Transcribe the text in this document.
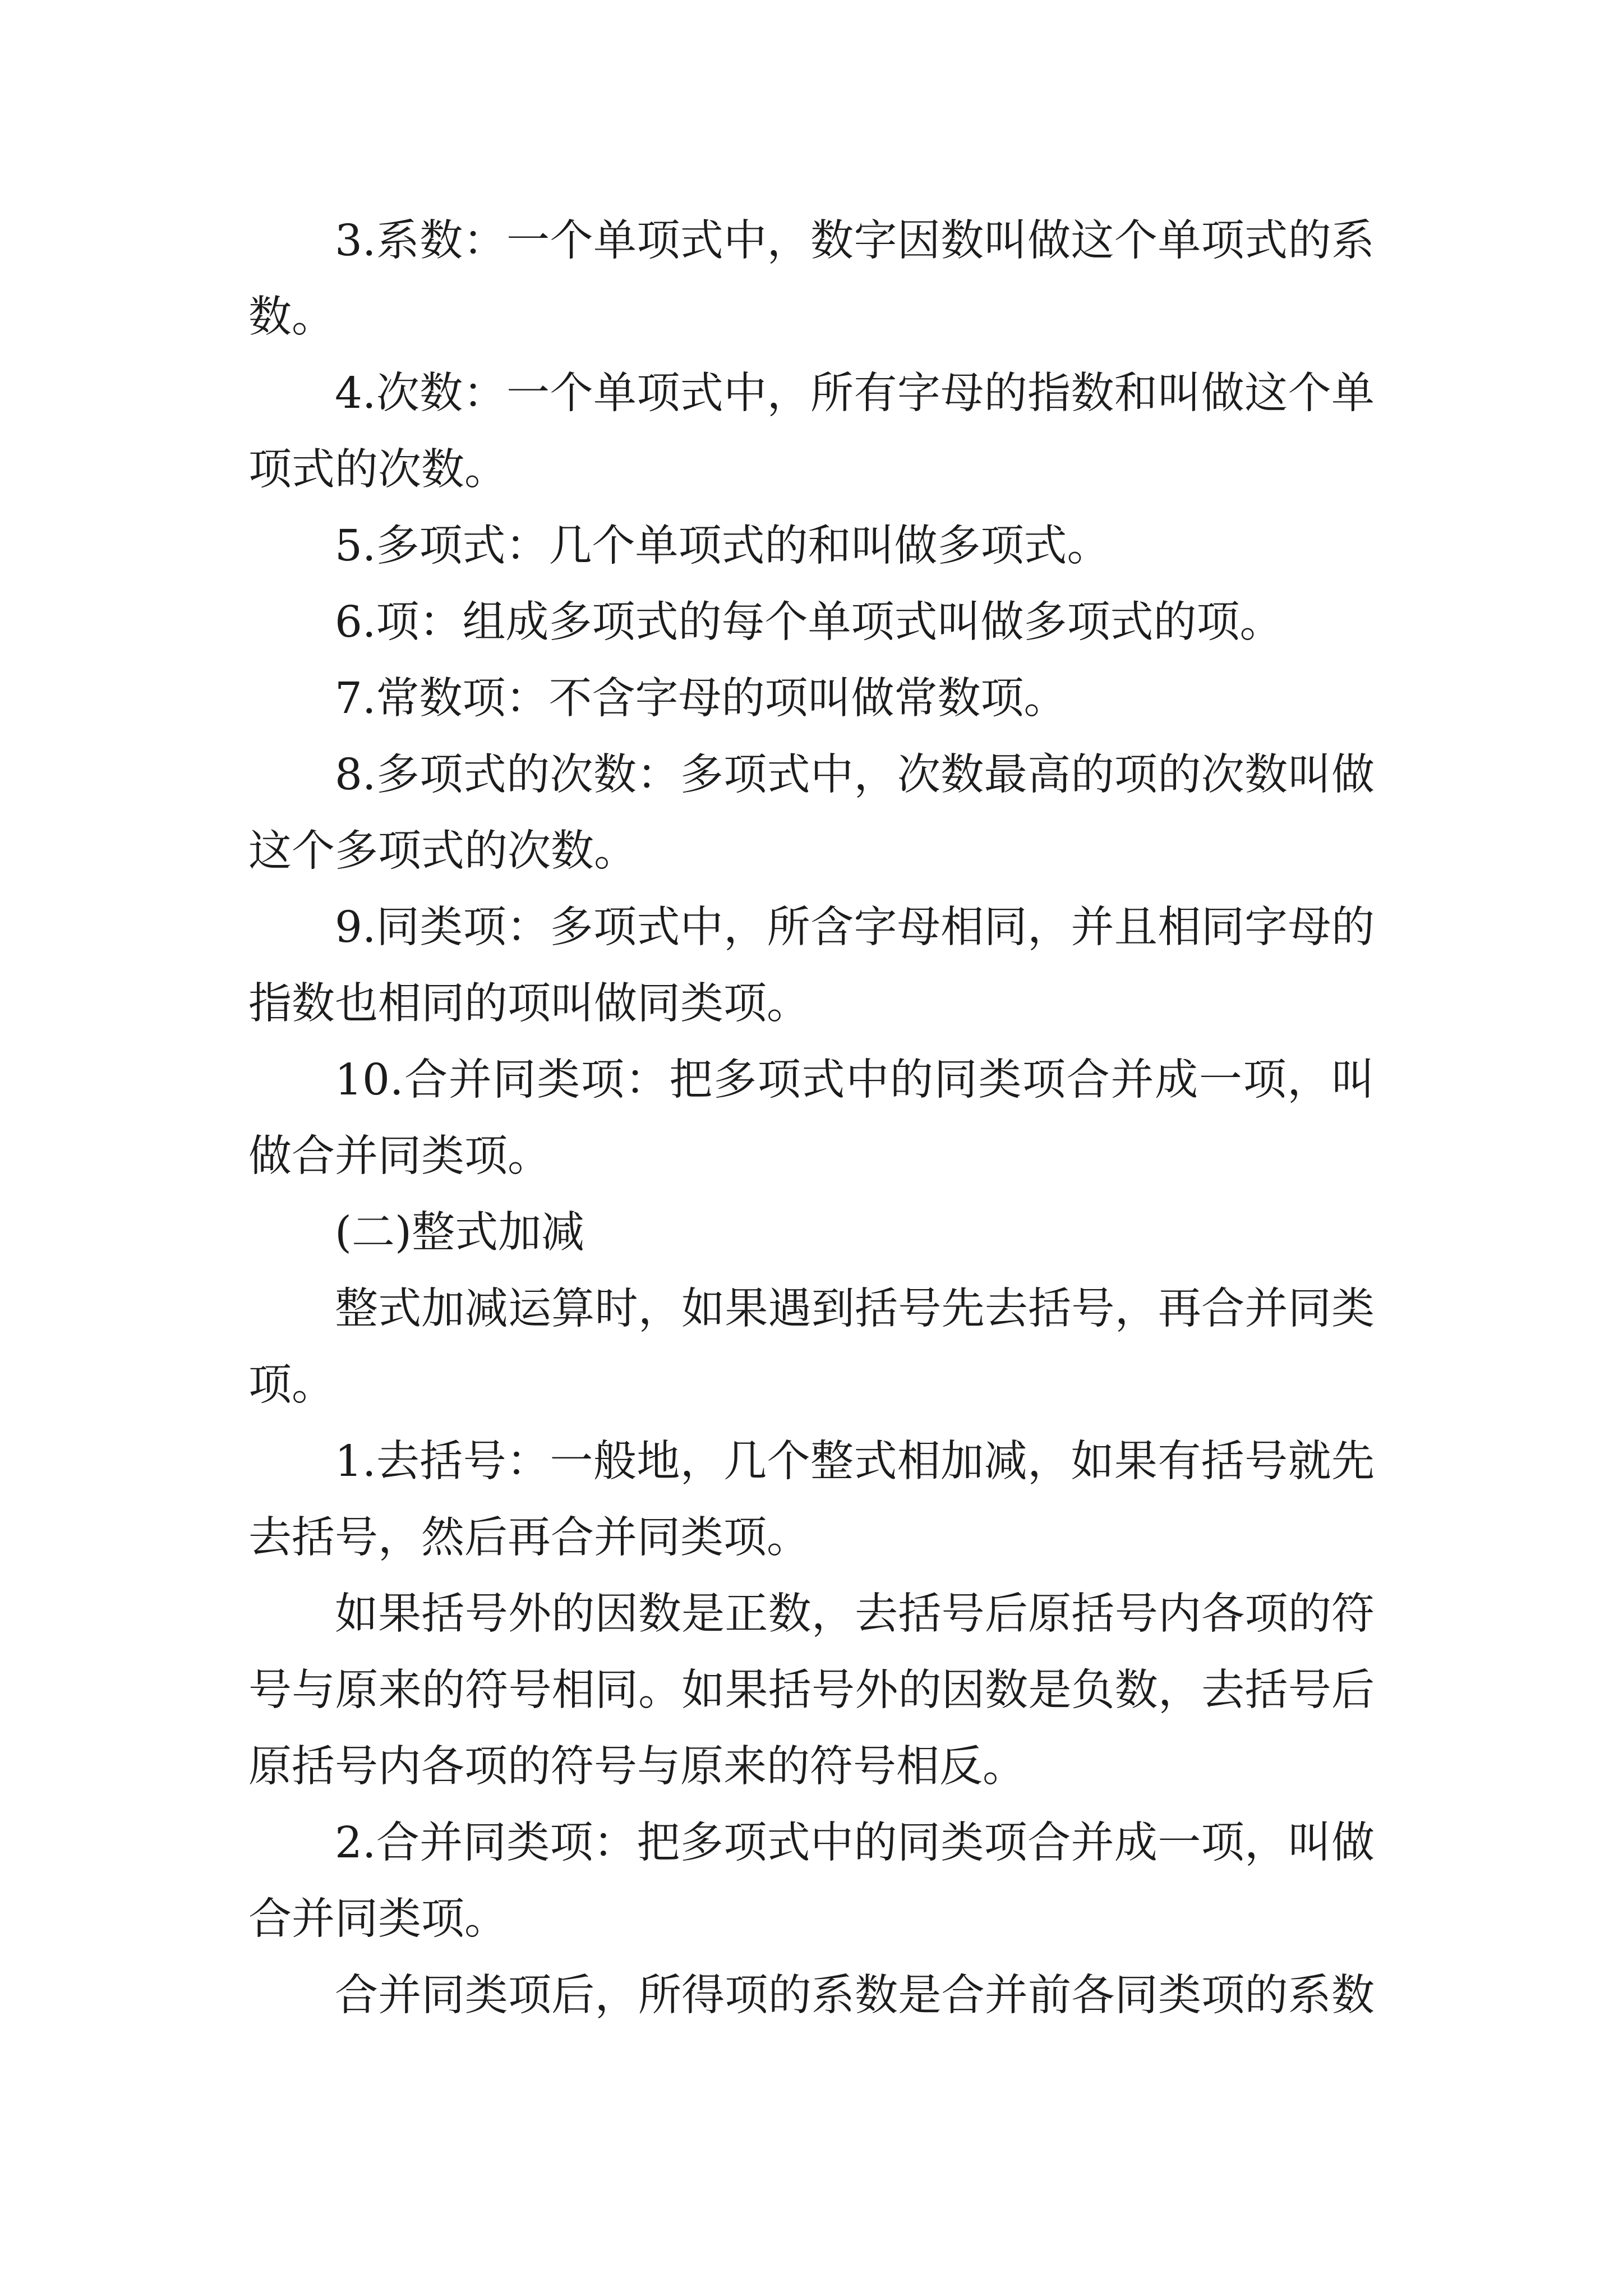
3.系数：一个单项式中，数字因数叫做这个单项式的系
数。
4.次数：一个单项式中，所有字母的指数和叫做这个单
项式的次数。
5.多项式：几个单项式的和叫做多项式。
6.项：组成多项式的每个单项式叫做多项式的项。
7.常数项：不含字母的项叫做常数项。
8.多项式的次数：多项式中，次数最高的项的次数叫做
这个多项式的次数。
9.同类项：多项式中，所含字母相同，并且相同字母的
指数也相同的项叫做同类项。
10.合并同类项：把多项式中的同类项合并成一项，叫
做合并同类项。
(二)整式加减
整式加减运算时，如果遇到括号先去括号，再合并同类
项。
1.去括号：一般地，几个整式相加减，如果有括号就先
去括号，然后再合并同类项。
如果括号外的因数是正数，去括号后原括号内各项的符
号与原来的符号相同。如果括号外的因数是负数，去括号后
原括号内各项的符号与原来的符号相反。
2.合并同类项：把多项式中的同类项合并成一项，叫做
合并同类项。
合并同类项后，所得项的系数是合并前各同类项的系数
